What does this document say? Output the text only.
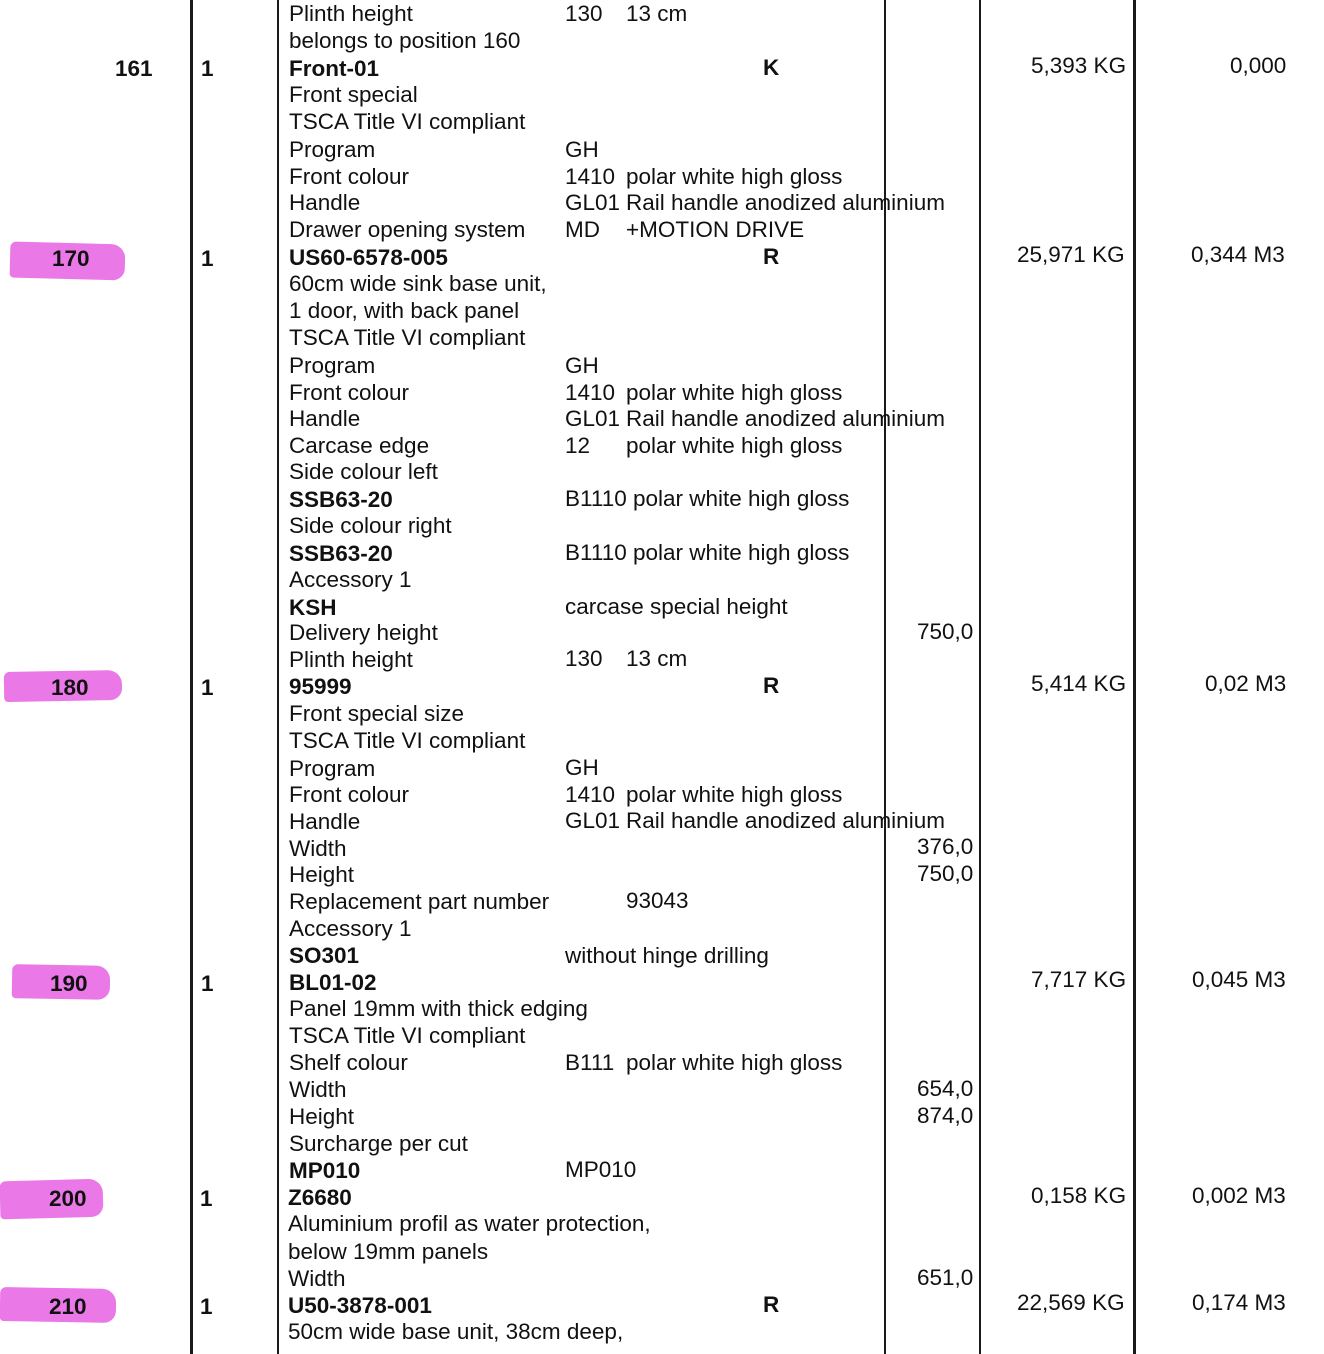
Plinth height	130 13 cm
belongs to position 160
161 1	Front-01	K	5,393 KG	0,000
Front special
TSCA Title VI compliant
Program	GH
Front colour	1410 polar white high gloss
Handle	GL01 Rail handle anodized aluminium
Drawer opening system MD +MOTION DRIVE
170	1	US60-6578-005	R	25,971 KG	0,344 M3
60cm wide sink base unit,
1 door, with back panel
TSCA Title VI compliant
Program	GH
Front colour	1410 polar white high gloss
Handle	GL01 Rail handle anodized aluminium
Carcase edge	12 polar white high gloss
Side colour left
SSB63-20	B1110 polar white high gloss
Side colour right
SSB63-20	B1110 polar white high gloss
Accessory 1
KSH	carcase special height
Delivery height	750,0
Plinth height	130 13 cm
180	1	95999	R	5,414 KG	0,02 M3
Front special size
TSCA Title VI compliant
Program	GH
Front colour	1410 polar white high gloss
Handle	GL01 Rail handle anodized aluminium
Width	376,0
Height	750,0
Replacement part number	93043
Accessory 1
SO301	without hinge drilling
190	1	BL01-02	7,717 KG	0,045 M3
Panel 19mm with thick edging
TSCA Title VI compliant
Shelf colour	B111 polar white high gloss
Width	654,0
Height	874,0
Surcharge per cut
MP010	MP010
200	1	Z6680	0,158 KG	0,002 M3
Aluminium profil as water protection,
below 19mm panels
Width	651,0
210	1	U50-3878-001	R	22,569 KG	0,174 M3
50cm wide base unit, 38cm deep,
